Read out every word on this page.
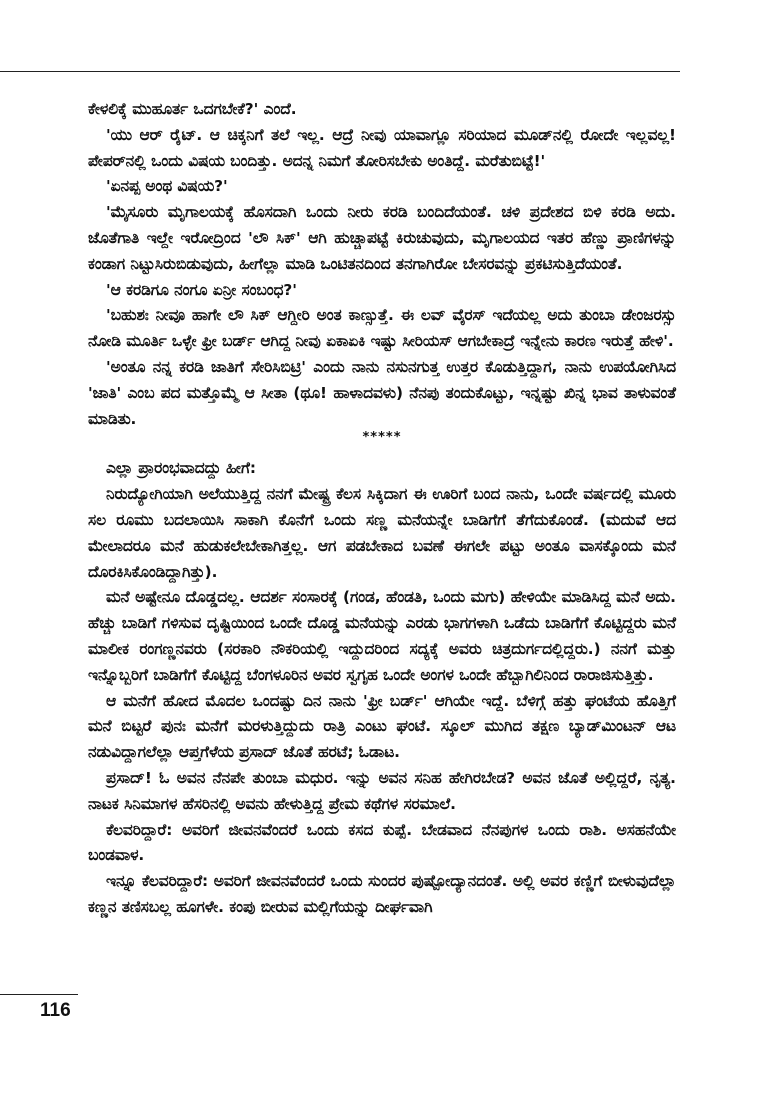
ಕೇಳಲಿಕ್ಕೆ ಮುಹೂರ್ತ ಒದಗಬೇಕೆ?' ಎಂದೆ.

'ಯು ಆರ್ ರೈಟ್. ಆ ಚಿಕ್ಕನಿಗೆ ತಲೆ ಇಲ್ಲ. ಆದ್ರೆ ನೀವು ಯಾವಾಗ್ಲೂ ಸರಿಯಾದ ಮೂಡ್‌ನಲ್ಲಿ ರೋದೇ ಇಲ್ಲವಲ್ಲ! ಪೇಪರ್‌ನಲ್ಲಿ ಒಂದು ವಿಷಯ ಬಂದಿತ್ತು. ಅದನ್ನ ನಿಮಗೆ ತೋರಿಸಬೇಕು ಅಂತಿದ್ದೆ. ಮರೆತುಬಿಟ್ಟೆ!'

'ಏನಪ್ಪ ಅಂಥ ವಿಷಯ?'

'ಮೈಸೂರು ಮೃಗಾಲಯಕ್ಕೆ ಹೊಸದಾಗಿ ಒಂದು ನೀರು ಕರಡಿ ಬಂದಿದೆಯಂತೆ. ಚಳಿ ಪ್ರದೇಶದ ಬಿಳಿ ಕರಡಿ ಅದು. ಜೊತೆಗಾತಿ ಇಲ್ದೇ ಇರೋದ್ರಿಂದ 'ಲೌ ಸಿಕ್' ಆಗಿ ಹುಚ್ಚಾಪಟ್ಟೆ ಕಿರುಚುವುದು, ಮೃಗಾಲಯದ ಇತರ ಹೆಣ್ಣು ಪ್ರಾಣಿಗಳನ್ನು ಕಂಡಾಗ ನಿಟ್ಟುಸಿರುಬಿಡುವುದು, ಹೀಗೆಲ್ಲಾ ಮಾಡಿ ಒಂಟಿತನದಿಂದ ತನಗಾಗಿರೋ ಬೇಸರವನ್ನು ಪ್ರಕಟಿಸುತ್ತಿದೆಯಂತೆ.

'ಆ ಕರಡಿಗೂ ನಂಗೂ ಏನ್ರೀ ಸಂಬಂಧ?'

'ಬಹುಶಃ ನೀವೂ ಹಾಗೇ ಲೌ ಸಿಕ್ ಆಗ್ದೀರಿ ಅಂತ ಕಾಣ್ಸುತ್ತೆ. ಈ ಲವ್ ವೈರಸ್ ಇದೆಯಲ್ಲ ಅದು ತುಂಬಾ ಡೇಂಜರಸ್ಸು ನೋಡಿ ಮೂರ್ತಿ ಒಳ್ಳೇ ಫ್ರೀ ಬರ್ಡ್ ಆಗಿದ್ದ ನೀವು ಏಕಾಏಕಿ ಇಷ್ಟು ಸೀರಿಯಸ್ ಆಗಬೇಕಾದ್ರೆ ಇನ್ನೇನು ಕಾರಣ ಇರುತ್ತೆ ಹೇಳಿ'.

'ಅಂತೂ ನನ್ನ ಕರಡಿ ಜಾತಿಗೆ ಸೇರಿಸಿಬಿಟ್ರಿ' ಎಂದು ನಾನು ನಸುನಗುತ್ತ ಉತ್ತರ ಕೊಡುತ್ತಿದ್ದಾಗ, ನಾನು ಉಪಯೋಗಿಸಿದ 'ಜಾತಿ' ಎಂಬ ಪದ ಮತ್ತೊಮ್ಮೆ ಆ ಸೀತಾ (ಥೂ! ಹಾಳಾದವಳು) ನೆನಪು ತಂದುಕೊಟ್ಟು, ಇನ್ನಷ್ಟು ಖಿನ್ನ ಭಾವ ತಾಳುವಂತೆ ಮಾಡಿತು.

*****

ಎಲ್ಲಾ ಪ್ರಾರಂಭವಾದದ್ದು ಹೀಗೆ:

ನಿರುದ್ಯೋಗಿಯಾಗಿ ಅಲೆಯುತ್ತಿದ್ದ ನನಗೆ ಮೇಷ್ಟ್ರ ಕೆಲಸ ಸಿಕ್ಕಿದಾಗ ಈ ಊರಿಗೆ ಬಂದ ನಾನು, ಒಂದೇ ವರ್ಷದಲ್ಲಿ ಮೂರು ಸಲ ರೂಮು ಬದಲಾಯಿಸಿ ಸಾಕಾಗಿ ಕೊನೆಗೆ ಒಂದು ಸಣ್ಣ ಮನೆಯನ್ನೇ ಬಾಡಿಗೆಗೆ ತೆಗೆದುಕೊಂಡೆ. (ಮದುವೆ ಆದ ಮೇಲಾದರೂ ಮನೆ ಹುಡುಕಲೇಬೇಕಾಗಿತ್ತಲ್ಲ. ಆಗ ಪಡಬೇಕಾದ ಬವಣೆ ಈಗಲೇ ಪಟ್ಟು ಅಂತೂ ವಾಸಕ್ಕೊಂದು ಮನೆ ದೊರಕಿಸಿಕೊಂಡಿದ್ದಾಗಿತ್ತು).

ಮನೆ ಅಷ್ಟೇನೂ ದೊಡ್ಡದಲ್ಲ. ಆದರ್ಶ ಸಂಸಾರಕ್ಕೆ (ಗಂಡ, ಹೆಂಡತಿ, ಒಂದು ಮಗು) ಹೇಳಿಯೇ ಮಾಡಿಸಿದ್ದ ಮನೆ ಅದು. ಹೆಚ್ಚು ಬಾಡಿಗೆ ಗಳಿಸುವ ದೃಷ್ಟಿಯಿಂದ ಒಂದೇ ದೊಡ್ಡ ಮನೆಯನ್ನು ಎರಡು ಭಾಗಗಳಾಗಿ ಒಡೆದು ಬಾಡಿಗೆಗೆ ಕೊಟ್ಟಿದ್ದರು ಮನೆ ಮಾಲೀಕ ರಂಗಣ್ಣನವರು (ಸರಕಾರಿ ನೌಕರಿಯಲ್ಲಿ ಇದ್ದುದರಿಂದ ಸದ್ಯಕ್ಕೆ ಅವರು ಚಿತ್ರದುರ್ಗದಲ್ಲಿದ್ದರು.) ನನಗೆ ಮತ್ತು ಇನ್ನೊಬ್ಬರಿಗೆ ಬಾಡಿಗೆಗೆ ಕೊಟ್ಟಿದ್ದ ಬೆಂಗಳೂರಿನ ಅವರ ಸ್ವಗೃಹ ಒಂದೇ ಅಂಗಳ ಒಂದೇ ಹೆಬ್ಬಾಗಿಲಿನಿಂದ ರಾರಾಜಿಸುತ್ತಿತ್ತು.

ಆ ಮನೆಗೆ ಹೋದ ಮೊದಲ ಒಂದಷ್ಟು ದಿನ ನಾನು 'ಫ್ರೀ ಬರ್ಡ್' ಆಗಿಯೇ ಇದ್ದೆ. ಬೆಳಿಗ್ಗೆ ಹತ್ತು ಘಂಟೆಯ ಹೊತ್ತಿಗೆ ಮನೆ ಬಿಟ್ಟರೆ ಪುನಃ ಮನೆಗೆ ಮರಳುತ್ತಿದ್ದುದು ರಾತ್ರಿ ಎಂಟು ಘಂಟೆ. ಸ್ಕೂಲ್ ಮುಗಿದ ತಕ್ಷಣ ಬ್ಯಾಡ್‌ಮಿಂಟನ್ ಆಟ ನಡುವಿದ್ದಾಗಲೆಲ್ಲಾ ಆಪ್ತಗೆಳೆಯ ಪ್ರಸಾದ್ ಜೊತೆ ಹರಟೆ; ಓಡಾಟ.

ಪ್ರಸಾದ್! ಓ ಅವನ ನೆನಪೇ ತುಂಬಾ ಮಧುರ. ಇನ್ನು ಅವನ ಸನಿಹ ಹೇಗಿರಬೇಡ? ಅವನ ಜೊತೆ ಅಲ್ಲಿದ್ದರೆ, ನೃತ್ಯ. ನಾಟಕ ಸಿನಿಮಾಗಳ ಹೆಸರಿನಲ್ಲಿ ಅವನು ಹೇಳುತ್ತಿದ್ದ ಪ್ರೇಮ ಕಥೆಗಳ ಸರಮಾಲೆ.

ಕೆಲವರಿದ್ದಾರೆ: ಅವರಿಗೆ ಜೀವನವೆಂದರೆ ಒಂದು ಕಸದ ಕುಪ್ಪೆ. ಬೇಡವಾದ ನೆನಪುಗಳ ಒಂದು ರಾಶಿ. ಅಸಹನೆಯೇ ಬಂಡವಾಳ.

ಇನ್ನೂ ಕೆಲವರಿದ್ದಾರೆ: ಅವರಿಗೆ ಜೀವನವೆಂದರೆ ಒಂದು ಸುಂದರ ಪುಷ್ಪೋದ್ಯಾನದಂತೆ. ಅಲ್ಲಿ ಅವರ ಕಣ್ಣಿಗೆ ಬೀಳುವುದೆಲ್ಲಾ ಕಣ್ಣನ ತಣಿಸಬಲ್ಲ ಹೂಗಳೇ. ಕಂಪು ಬೀರುವ ಮಲ್ಲಿಗೆಯನ್ನು ದೀರ್ಘವಾಗಿ

116
